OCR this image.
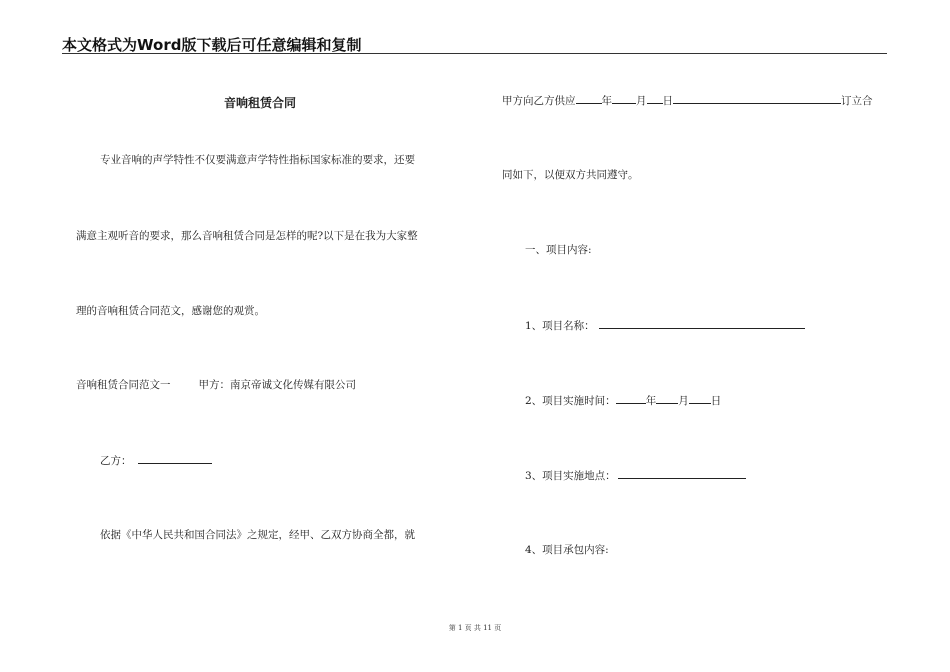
本文格式为Word版下载后可任意编辑和复制
音响租赁合同
专业音响的声学特性不仅要满意声学特性指标国家标准的要求，还要
满意主观听音的要求，那么音响租赁合同是怎样的呢?以下是在我为大家整
理的音响租赁合同范文，感谢您的观赏。
音响租赁合同范文一	甲方：南京帝诚文化传媒有限公司
乙方：
依据《中华人民共和国合同法》之规定，经甲、乙双方协商全都，就
甲方向乙方供应 年 月 日	订立合
同如下，以便双方共同遵守。
一、项目内容:
1、项目名称：
2、项目实施时间：	年 月 日
3、项目实施地点：
4、项目承包内容:
第 1 页 共 11 页
